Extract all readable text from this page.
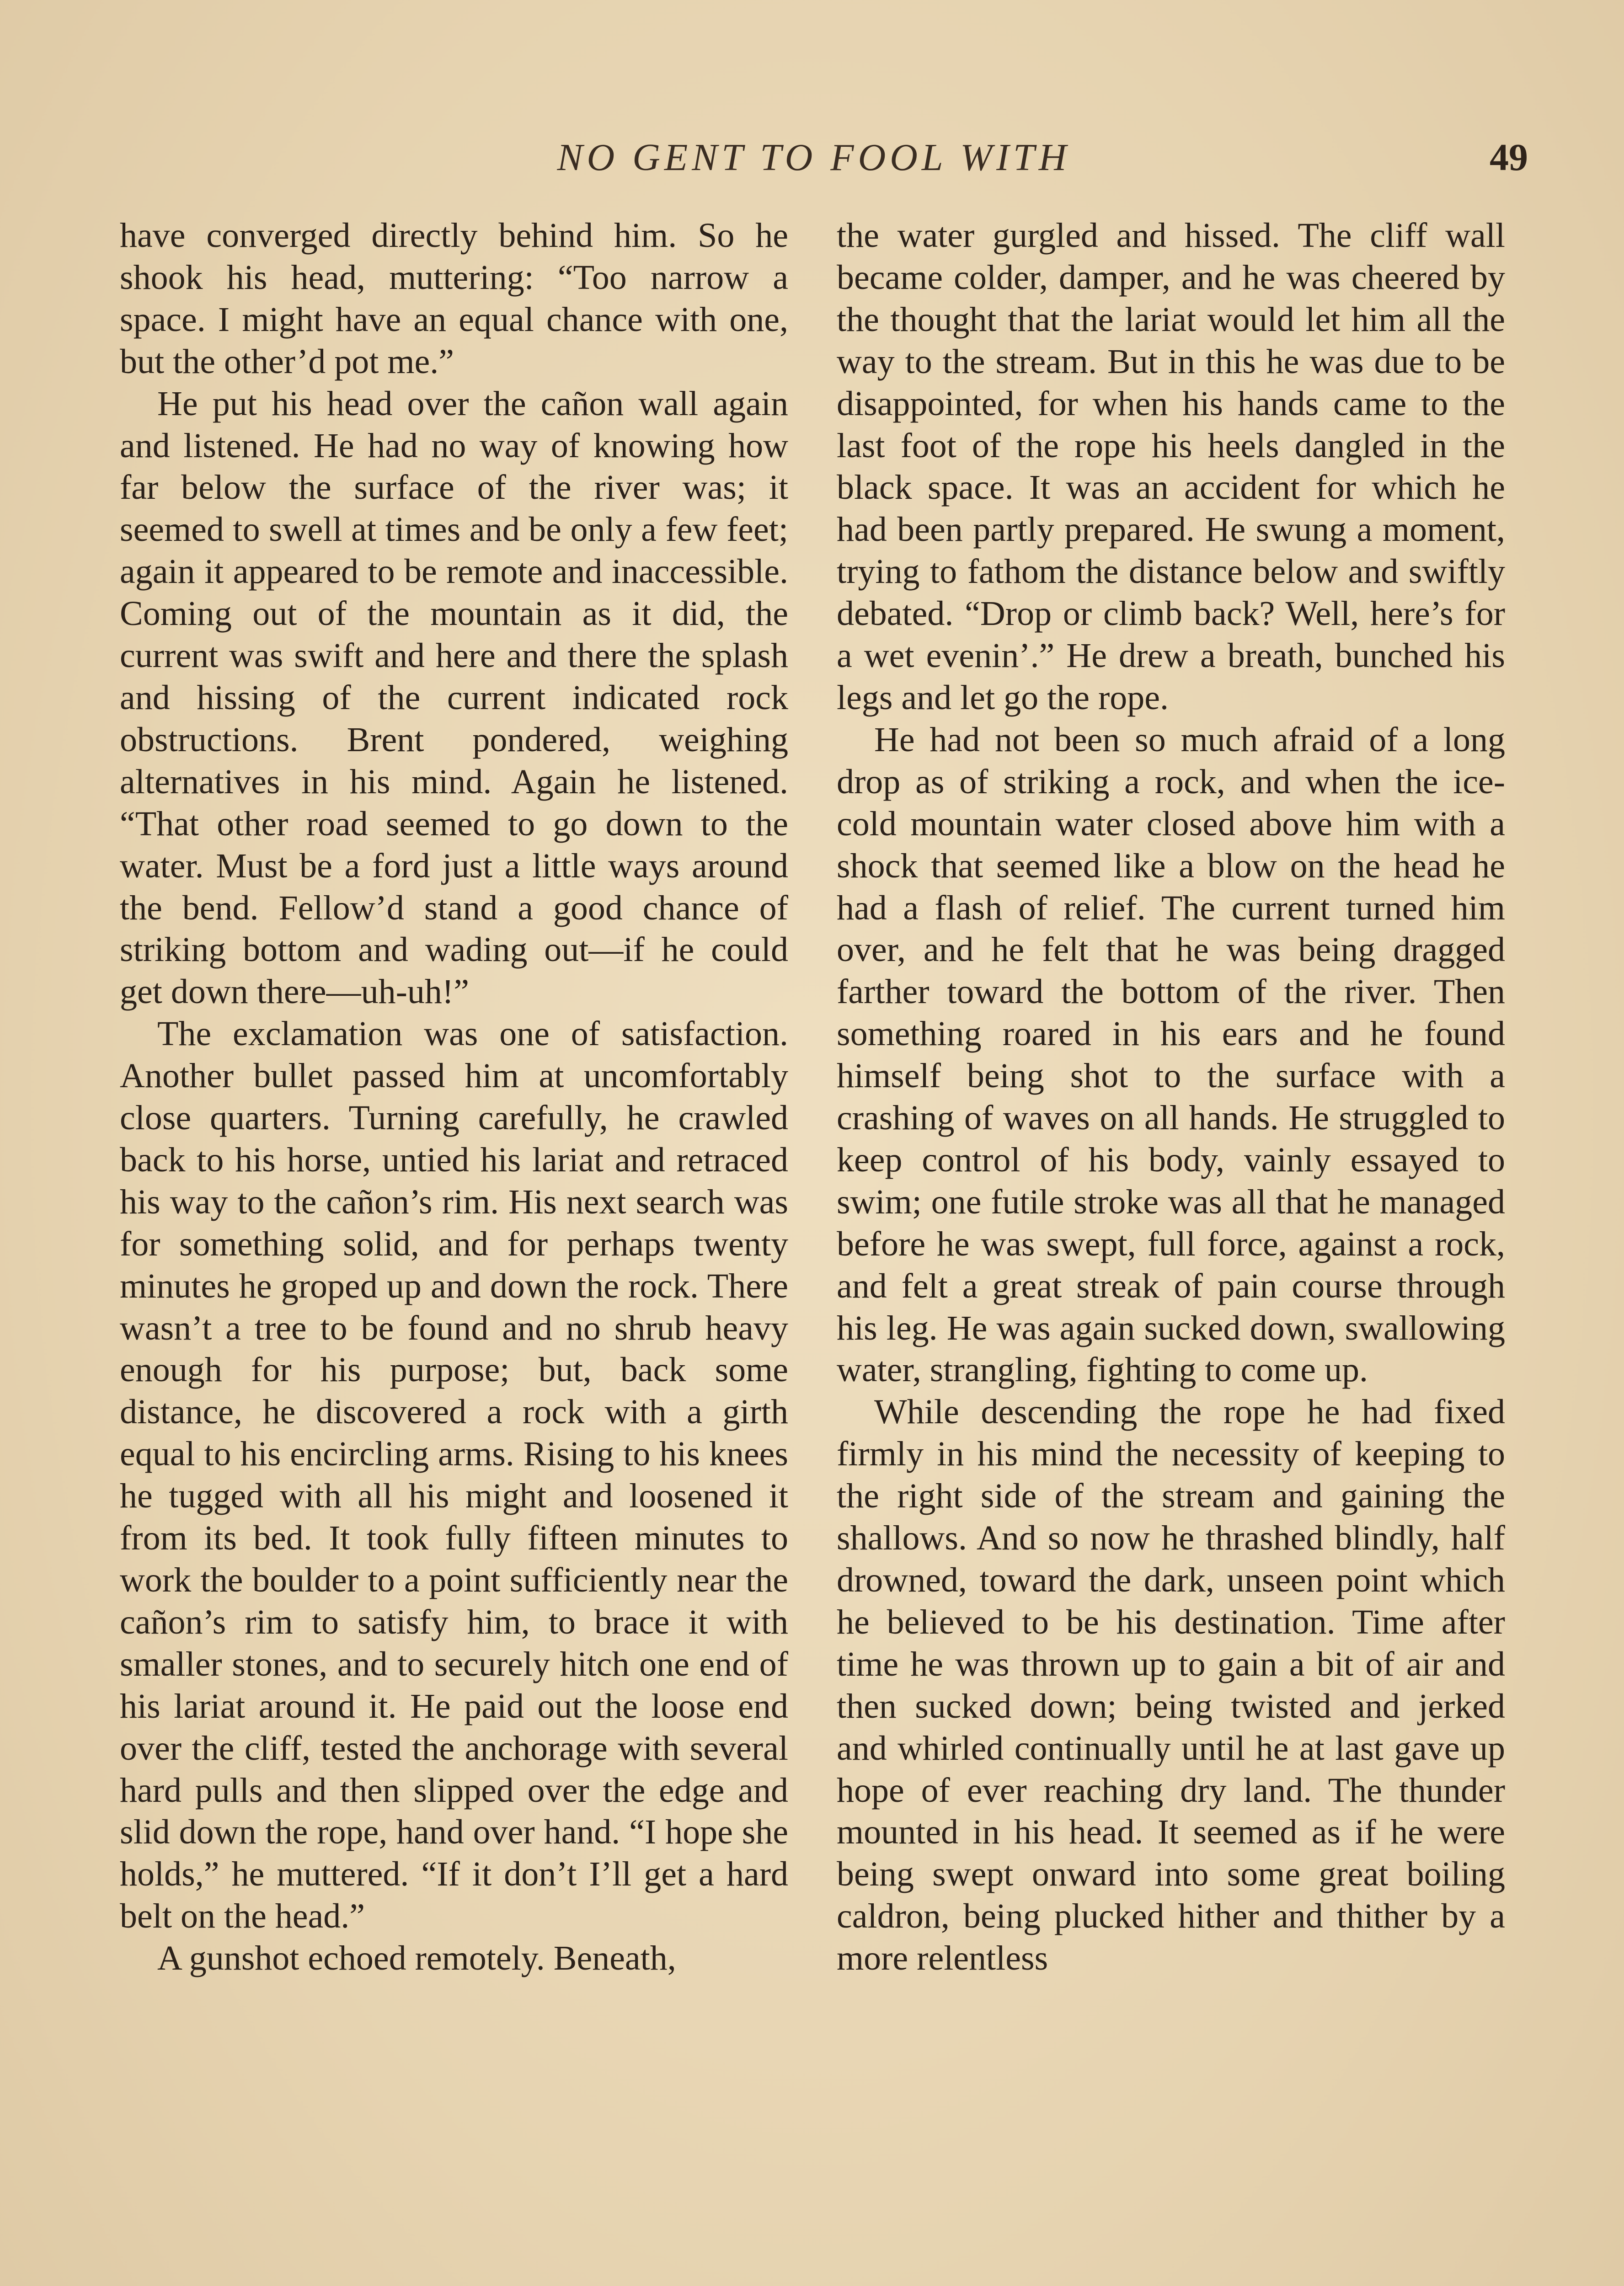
NO GENT TO FOOL WITH	49

have converged directly behind him. So he shook his head, muttering: “Too narrow a space. I might have an equal chance with one, but the other’d pot me.”

He put his head over the cañon wall again and listened. He had no way of knowing how far below the surface of the river was; it seemed to swell at times and be only a few feet; again it appeared to be remote and inaccessible. Coming out of the mountain as it did, the current was swift and here and there the splash and hissing of the current indicated rock obstructions. Brent pondered, weighing alternatives in his mind. Again he listened. “That other road seemed to go down to the water. Must be a ford just a little ways around the bend. Fellow’d stand a good chance of striking bottom and wading out—if he could get down there—uh-uh!”

The exclamation was one of satisfaction. Another bullet passed him at uncomfortably close quarters. Turning carefully, he crawled back to his horse, untied his lariat and retraced his way to the cañon’s rim. His next search was for something solid, and for perhaps twenty minutes he groped up and down the rock. There wasn’t a tree to be found and no shrub heavy enough for his purpose; but, back some distance, he discovered a rock with a girth equal to his encircling arms. Rising to his knees he tugged with all his might and loosened it from its bed. It took fully fifteen minutes to work the boulder to a point sufficiently near the cañon’s rim to satisfy him, to brace it with smaller stones, and to securely hitch one end of his lariat around it. He paid out the loose end over the cliff, tested the anchorage with several hard pulls and then slipped over the edge and slid down the rope, hand over hand. “I hope she holds,” he muttered. “If it don’t I’ll get a hard belt on the head.”

A gunshot echoed remotely. Beneath,

the water gurgled and hissed. The cliff wall became colder, damper, and he was cheered by the thought that the lariat would let him all the way to the stream. But in this he was due to be disappointed, for when his hands came to the last foot of the rope his heels dangled in the black space. It was an accident for which he had been partly prepared. He swung a moment, trying to fathom the distance below and swiftly debated. “Drop or climb back? Well, here’s for a wet evenin’.” He drew a breath, bunched his legs and let go the rope.

He had not been so much afraid of a long drop as of striking a rock, and when the ice-cold mountain water closed above him with a shock that seemed like a blow on the head he had a flash of relief. The current turned him over, and he felt that he was being dragged farther toward the bottom of the river. Then something roared in his ears and he found himself being shot to the surface with a crashing of waves on all hands. He struggled to keep control of his body, vainly essayed to swim; one futile stroke was all that he managed before he was swept, full force, against a rock, and felt a great streak of pain course through his leg. He was again sucked down, swallowing water, strangling, fighting to come up.

While descending the rope he had fixed firmly in his mind the necessity of keeping to the right side of the stream and gaining the shallows. And so now he thrashed blindly, half drowned, toward the dark, unseen point which he believed to be his destination. Time after time he was thrown up to gain a bit of air and then sucked down; being twisted and jerked and whirled continually until he at last gave up hope of ever reaching dry land. The thunder mounted in his head. It seemed as if he were being swept onward into some great boiling caldron, being plucked hither and thither by a more relentless
